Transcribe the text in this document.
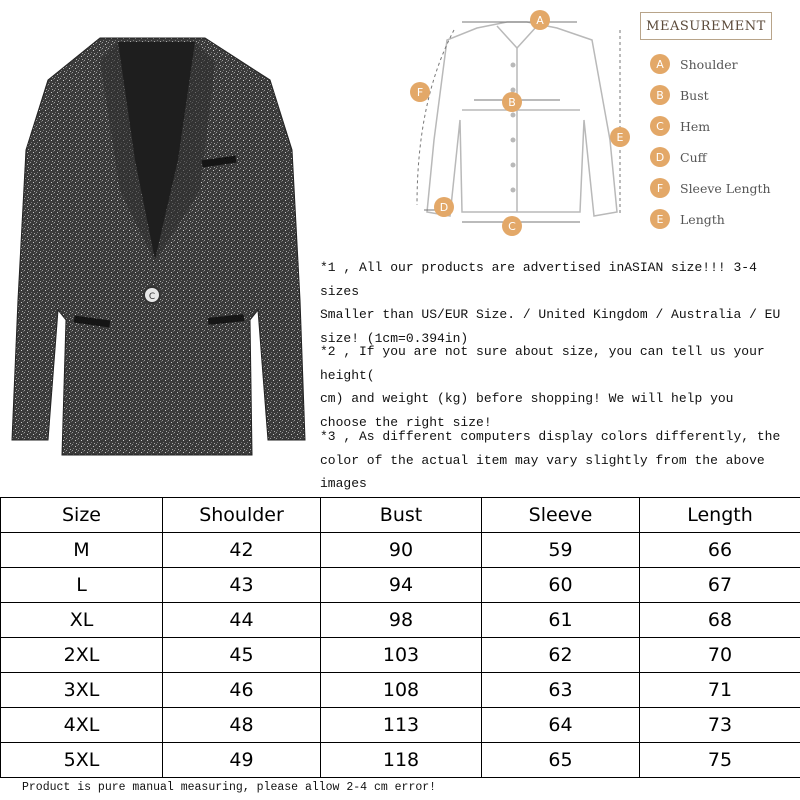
C
A
B
C
D
E
F
MEASUREMENT
A	Shoulder
B	Bust
C	Hem
D	Cuff
F	Sleeve Length
E	Length
*1 , All our products are advertised inASIAN size!!! 3-4 sizes
Smaller than US/EUR Size. / United Kingdom / Australia / EU
size! (1cm=0.394in)
*2 , If you are not sure about size, you can tell us your height(
cm) and weight (kg) before shopping! We will help you
choose the right size!
*3 , As different computers display colors differently, the
color of the actual item may vary slightly from the above images
Size	Shoulder	Bust	Sleeve	Length
M	42	90	59	66
L	43	94	60	67
XL	44	98	61	68
2XL	45	103	62	70
3XL	46	108	63	71
4XL	48	113	64	73
5XL	49	118	65	75
Product is pure manual measuring, please allow 2-4 cm error!
